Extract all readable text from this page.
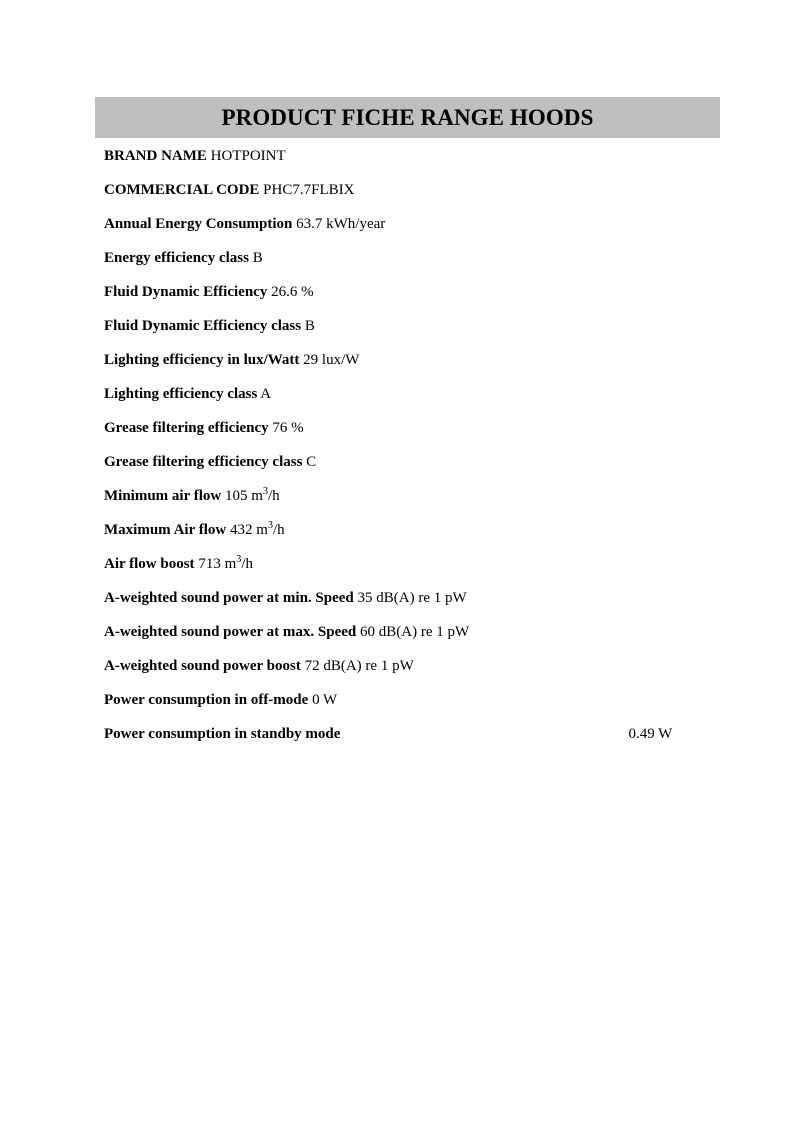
PRODUCT FICHE RANGE HOODS
BRAND NAME HOTPOINT
COMMERCIAL CODE PHC7.7FLBIX
Annual Energy Consumption 63.7 kWh/year
Energy efficiency class B
Fluid Dynamic Efficiency 26.6 %
Fluid Dynamic Efficiency class B
Lighting efficiency in lux/Watt 29 lux/W
Lighting efficiency class A
Grease filtering efficiency 76 %
Grease filtering efficiency class C
Minimum air flow 105 $m^3/h$
Maximum Air flow 432 $m^3/h$
Air flow boost 713 $m^3/h$
A-weighted sound power at min. Speed 35 dB(A) re 1 pW
A-weighted sound power at max. Speed 60 dB(A) re 1 pW
A-weighted sound power boost 72 dB(A) re 1 pW
Power consumption in off-mode 0 W
Power consumption in standby mode	0.49 W
